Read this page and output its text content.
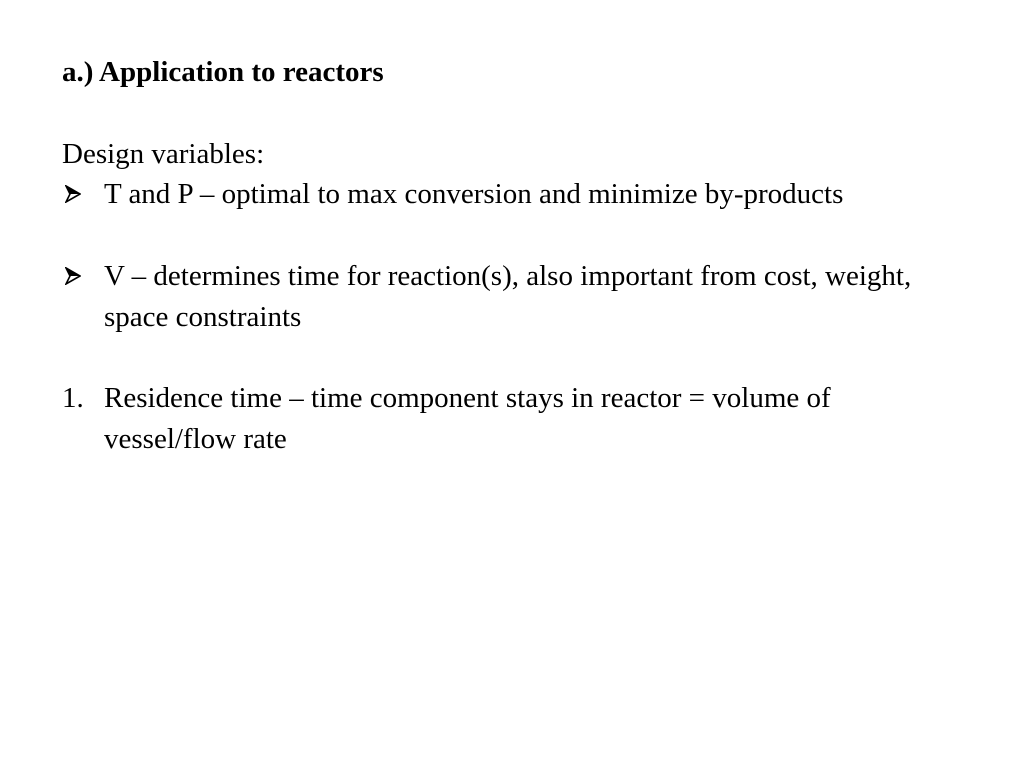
a.) Application to reactors
Design variables:
T and P – optimal to max conversion and minimize by-products
V – determines time for reaction(s), also important from cost, weight, space constraints
1. Residence time – time component stays in reactor = volume of vessel/flow rate
